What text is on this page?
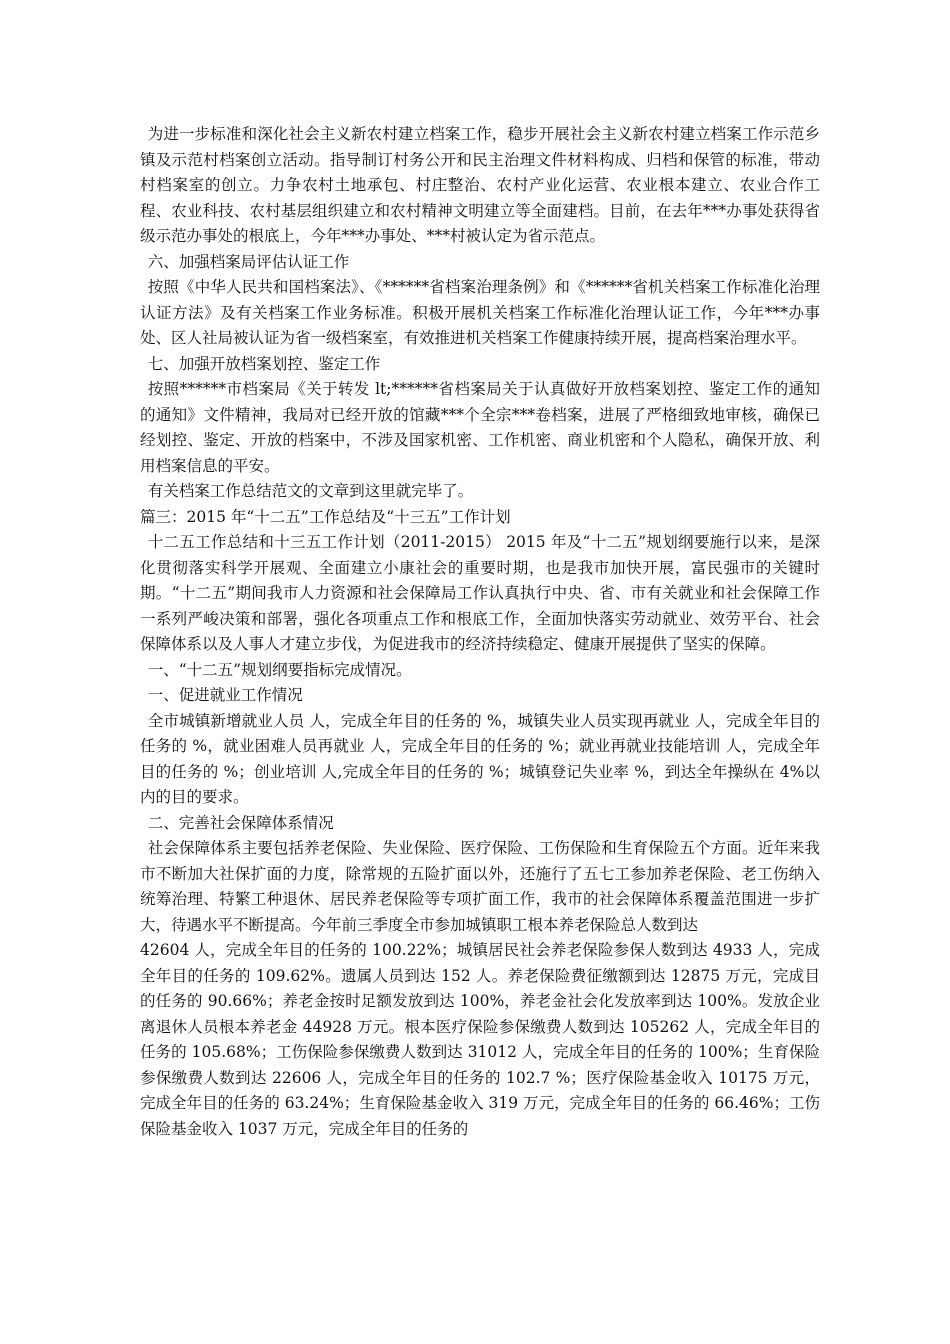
为进一步标准和深化社会主义新农村建立档案工作，稳步开展社会主义新农村建立档案工作示范乡镇及示范村档案创立活动。指导制订村务公开和民主治理文件材料构成、归档和保管的标准，带动村档案室的创立。力争农村土地承包、村庄整治、农村产业化运营、农业根本建立、农业合作工程、农业科技、农村基层组织建立和农村精神文明建立等全面建档。目前，在去年***办事处获得省级示范办事处的根底上，今年***办事处、***村被认定为省示范点。

六、加强档案局评估认证工作

按照《中华人民共和国档案法》、《******省档案治理条例》和《******省机关档案工作标准化治理认证方法》及有关档案工作业务标准。积极开展机关档案工作标准化治理认证工作，今年***办事处、区人社局被认证为省一级档案室，有效推进机关档案工作健康持续开展，提高档案治理水平。

七、加强开放档案划控、鉴定工作

按照******市档案局《关于转发 lt;******省档案局关于认真做好开放档案划控、鉴定工作的通知的通知》文件精神，我局对已经开放的馆藏***个全宗***卷档案，进展了严格细致地审核，确保已经划控、鉴定、开放的档案中，不涉及国家机密、工作机密、商业机密和个人隐私，确保开放、利用档案信息的平安。

有关档案工作总结范文的文章到这里就完毕了。

篇三：2015 年“十二五”工作总结及“十三五”工作计划

十二五工作总结和十三五工作计划（2011-2015） 2015 年及“十二五”规划纲要施行以来，是深化贯彻落实科学开展观、全面建立小康社会的重要时期，也是我市加快开展，富民强市的关键时期。“十二五”期间我市人力资源和社会保障局工作认真执行中央、省、市有关就业和社会保障工作一系列严峻决策和部署，强化各项重点工作和根底工作，全面加快落实劳动就业、效劳平台、社会保障体系以及人事人才建立步伐，为促进我市的经济持续稳定、健康开展提供了坚实的保障。

一、“十二五”规划纲要指标完成情况。

一、促进就业工作情况

全市城镇新增就业人员 人，完成全年目的任务的 %，城镇失业人员实现再就业 人，完成全年目的任务的 %，就业困难人员再就业 人，完成全年目的任务的 %；就业再就业技能培训 人，完成全年目的任务的 %；创业培训 人,完成全年目的任务的 %；城镇登记失业率 %，到达全年操纵在 4%以内的目的要求。

二、完善社会保障体系情况

社会保障体系主要包括养老保险、失业保险、医疗保险、工伤保险和生育保险五个方面。近年来我市不断加大社保扩面的力度，除常规的五险扩面以外，还施行了五七工参加养老保险、老工伤纳入统筹治理、特繁工种退休、居民养老保险等专项扩面工作，我市的社会保障体系覆盖范围进一步扩大，待遇水平不断提高。今年前三季度全市参加城镇职工根本养老保险总人数到达

42604 人，完成全年目的任务的 100.22%；城镇居民社会养老保险参保人数到达 4933 人，完成全年目的任务的 109.62%。遗属人员到达 152 人。养老保险费征缴额到达 12875 万元，完成目的任务的 90.66%；养老金按时足额发放到达 100%，养老金社会化发放率到达 100%。发放企业离退休人员根本养老金 44928 万元。根本医疗保险参保缴费人数到达 105262 人，完成全年目的任务的 105.68%；工伤保险参保缴费人数到达 31012 人，完成全年目的任务的 100%；生育保险参保缴费人数到达 22606 人，完成全年目的任务的 102.7 %；医疗保险基金收入 10175 万元，完成全年目的任务的 63.24%；生育保险基金收入 319 万元，完成全年目的任务的 66.46%；工伤保险基金收入 1037 万元，完成全年目的任务的
